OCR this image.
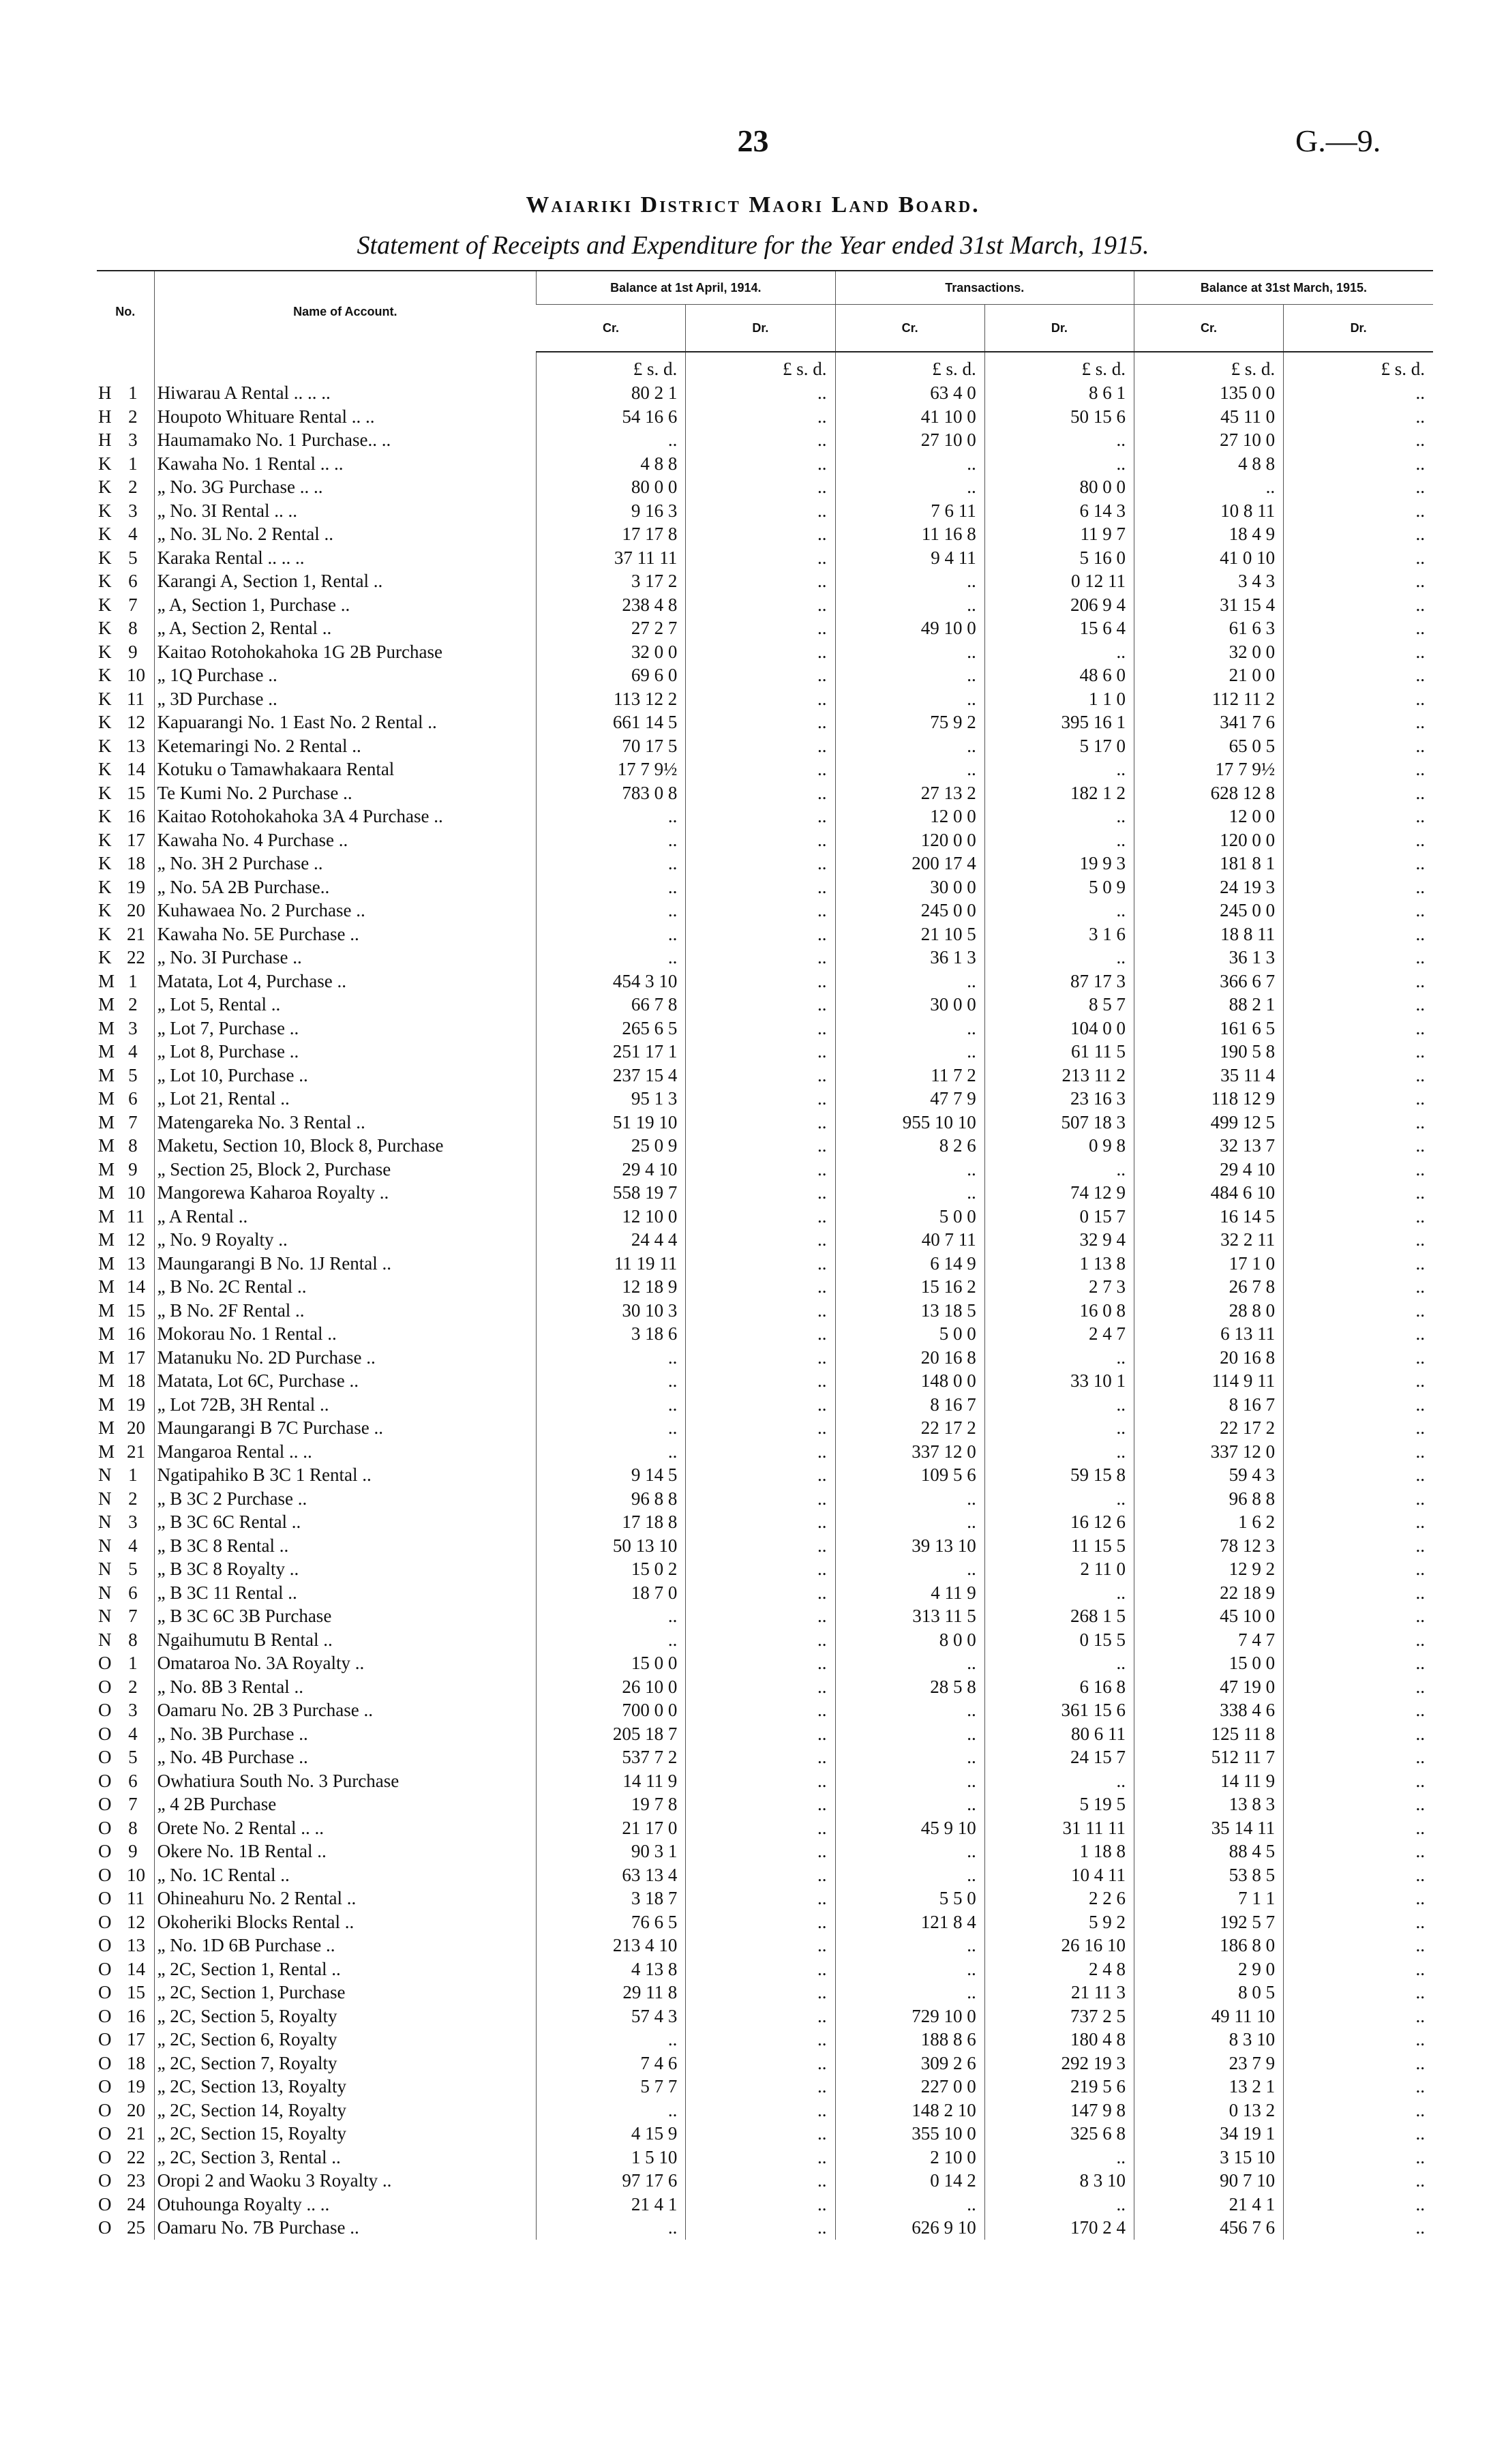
23	G.—9.
Waiariki District Maori Land Board.
Statement of Receipts and Expenditure for the Year ended 31st March, 1915.
No.		Name of Account.	Balance at 1st April, 1914.		Transactions.		Balance at 31st March, 1915.	
			Cr.	Dr.	Cr.	Dr.	Cr.	Dr.
			£ s. d.	£ s. d.	£ s. d.	£ s. d.	£ s. d.	£ s. d.
H	1	Hiwarau A Rental .. .. ..	80 2 1	..	63 4 0	8 6 1	135 0 0	..
H	2	Houpoto Whituare Rental .. ..	54 16 6	..	41 10 0	50 15 6	45 11 0	..
H	3	Haumamako No. 1 Purchase.. ..	..	..	27 10 0	..	27 10 0	..
K	1	Kawaha No. 1 Rental .. ..	4 8 8	..	..	..	4 8 8	..
K	2	„ No. 3G Purchase .. ..	80 0 0	..	..	80 0 0	..	..
K	3	„ No. 3I Rental .. ..	9 16 3	..	7 6 11	6 14 3	10 8 11	..
K	4	„ No. 3L No. 2 Rental ..	17 17 8	..	11 16 8	11 9 7	18 4 9	..
K	5	Karaka Rental .. .. ..	37 11 11	..	9 4 11	5 16 0	41 0 10	..
K	6	Karangi A, Section 1, Rental ..	3 17 2	..	..	0 12 11	3 4 3	..
K	7	„ A, Section 1, Purchase ..	238 4 8	..	..	206 9 4	31 15 4	..
K	8	„ A, Section 2, Rental ..	27 2 7	..	49 10 0	15 6 4	61 6 3	..
K	9	Kaitao Rotohokahoka 1G 2B Purchase	32 0 0	..	..	..	32 0 0	..
K	10	„ 1Q Purchase ..	69 6 0	..	..	48 6 0	21 0 0	..
K	11	„ 3D Purchase ..	113 12 2	..	..	1 1 0	112 11 2	..
K	12	Kapuarangi No. 1 East No. 2 Rental ..	661 14 5	..	75 9 2	395 16 1	341 7 6	..
K	13	Ketemaringi No. 2 Rental ..	70 17 5	..	..	5 17 0	65 0 5	..
K	14	Kotuku o Tamawhakaara Rental	17 7 9½	..	..	..	17 7 9½	..
K	15	Te Kumi No. 2 Purchase ..	783 0 8	..	27 13 2	182 1 2	628 12 8	..
K	16	Kaitao Rotohokahoka 3A 4 Purchase ..	..	..	12 0 0	..	12 0 0	..
K	17	Kawaha No. 4 Purchase ..	..	..	120 0 0	..	120 0 0	..
K	18	„ No. 3H 2 Purchase ..	..	..	200 17 4	19 9 3	181 8 1	..
K	19	„ No. 5A 2B Purchase..	..	..	30 0 0	5 0 9	24 19 3	..
K	20	Kuhawaea No. 2 Purchase ..	..	..	245 0 0	..	245 0 0	..
K	21	Kawaha No. 5E Purchase ..	..	..	21 10 5	3 1 6	18 8 11	..
K	22	„ No. 3I Purchase ..	..	..	36 1 3	..	36 1 3	..
M	1	Matata, Lot 4, Purchase ..	454 3 10	..	..	87 17 3	366 6 7	..
M	2	„ Lot 5, Rental ..	66 7 8	..	30 0 0	8 5 7	88 2 1	..
M	3	„ Lot 7, Purchase ..	265 6 5	..	..	104 0 0	161 6 5	..
M	4	„ Lot 8, Purchase ..	251 17 1	..	..	61 11 5	190 5 8	..
M	5	„ Lot 10, Purchase ..	237 15 4	..	11 7 2	213 11 2	35 11 4	..
M	6	„ Lot 21, Rental ..	95 1 3	..	47 7 9	23 16 3	118 12 9	..
M	7	Matengareka No. 3 Rental ..	51 19 10	..	955 10 10	507 18 3	499 12 5	..
M	8	Maketu, Section 10, Block 8, Purchase	25 0 9	..	8 2 6	0 9 8	32 13 7	..
M	9	„ Section 25, Block 2, Purchase	29 4 10	..	..	..	29 4 10	..
M	10	Mangorewa Kaharoa Royalty ..	558 19 7	..	..	74 12 9	484 6 10	..
M	11	„ A Rental ..	12 10 0	..	5 0 0	0 15 7	16 14 5	..
M	12	„ No. 9 Royalty ..	24 4 4	..	40 7 11	32 9 4	32 2 11	..
M	13	Maungarangi B No. 1J Rental ..	11 19 11	..	6 14 9	1 13 8	17 1 0	..
M	14	„ B No. 2C Rental ..	12 18 9	..	15 16 2	2 7 3	26 7 8	..
M	15	„ B No. 2F Rental ..	30 10 3	..	13 18 5	16 0 8	28 8 0	..
M	16	Mokorau No. 1 Rental ..	3 18 6	..	5 0 0	2 4 7	6 13 11	..
M	17	Matanuku No. 2D Purchase ..	..	..	20 16 8	..	20 16 8	..
M	18	Matata, Lot 6C, Purchase ..	..	..	148 0 0	33 10 1	114 9 11	..
M	19	„ Lot 72B, 3H Rental ..	..	..	8 16 7	..	8 16 7	..
M	20	Maungarangi B 7C Purchase ..	..	..	22 17 2	..	22 17 2	..
M	21	Mangaroa Rental .. ..	..	..	337 12 0	..	337 12 0	..
N	1	Ngatipahiko B 3C 1 Rental ..	9 14 5	..	109 5 6	59 15 8	59 4 3	..
N	2	„ B 3C 2 Purchase ..	96 8 8	..	..	..	96 8 8	..
N	3	„ B 3C 6C Rental ..	17 18 8	..	..	16 12 6	1 6 2	..
N	4	„ B 3C 8 Rental ..	50 13 10	..	39 13 10	11 15 5	78 12 3	..
N	5	„ B 3C 8 Royalty ..	15 0 2	..	..	2 11 0	12 9 2	..
N	6	„ B 3C 11 Rental ..	18 7 0	..	4 11 9	..	22 18 9	..
N	7	„ B 3C 6C 3B Purchase	..	..	313 11 5	268 1 5	45 10 0	..
N	8	Ngaihumutu B Rental ..	..	..	8 0 0	0 15 5	7 4 7	..
O	1	Omataroa No. 3A Royalty ..	15 0 0	..	..	..	15 0 0	..
O	2	„ No. 8B 3 Rental ..	26 10 0	..	28 5 8	6 16 8	47 19 0	..
O	3	Oamaru No. 2B 3 Purchase ..	700 0 0	..	..	361 15 6	338 4 6	..
O	4	„ No. 3B Purchase ..	205 18 7	..	..	80 6 11	125 11 8	..
O	5	„ No. 4B Purchase ..	537 7 2	..	..	24 15 7	512 11 7	..
O	6	Owhatiura South No. 3 Purchase	14 11 9	..	..	..	14 11 9	..
O	7	„ 4 2B Purchase	19 7 8	..	..	5 19 5	13 8 3	..
O	8	Orete No. 2 Rental .. ..	21 17 0	..	45 9 10	31 11 11	35 14 11	..
O	9	Okere No. 1B Rental ..	90 3 1	..	..	1 18 8	88 4 5	..
O	10	„ No. 1C Rental ..	63 13 4	..	..	10 4 11	53 8 5	..
O	11	Ohineahuru No. 2 Rental ..	3 18 7	..	5 5 0	2 2 6	7 1 1	..
O	12	Okoheriki Blocks Rental ..	76 6 5	..	121 8 4	5 9 2	192 5 7	..
O	13	„ No. 1D 6B Purchase ..	213 4 10	..	..	26 16 10	186 8 0	..
O	14	„ 2C, Section 1, Rental ..	4 13 8	..	..	2 4 8	2 9 0	..
O	15	„ 2C, Section 1, Purchase	29 11 8	..	..	21 11 3	8 0 5	..
O	16	„ 2C, Section 5, Royalty	57 4 3	..	729 10 0	737 2 5	49 11 10	..
O	17	„ 2C, Section 6, Royalty	..	..	188 8 6	180 4 8	8 3 10	..
O	18	„ 2C, Section 7, Royalty	7 4 6	..	309 2 6	292 19 3	23 7 9	..
O	19	„ 2C, Section 13, Royalty	5 7 7	..	227 0 0	219 5 6	13 2 1	..
O	20	„ 2C, Section 14, Royalty	..	..	148 2 10	147 9 8	0 13 2	..
O	21	„ 2C, Section 15, Royalty	4 15 9	..	355 10 0	325 6 8	34 19 1	..
O	22	„ 2C, Section 3, Rental ..	1 5 10	..	2 10 0	..	3 15 10	..
O	23	Oropi 2 and Waoku 3 Royalty ..	97 17 6	..	0 14 2	8 3 10	90 7 10	..
O	24	Otuhounga Royalty .. ..	21 4 1	..	..	..	21 4 1	..
O	25	Oamaru No. 7B Purchase ..	..	..	626 9 10	170 2 4	456 7 6	..
